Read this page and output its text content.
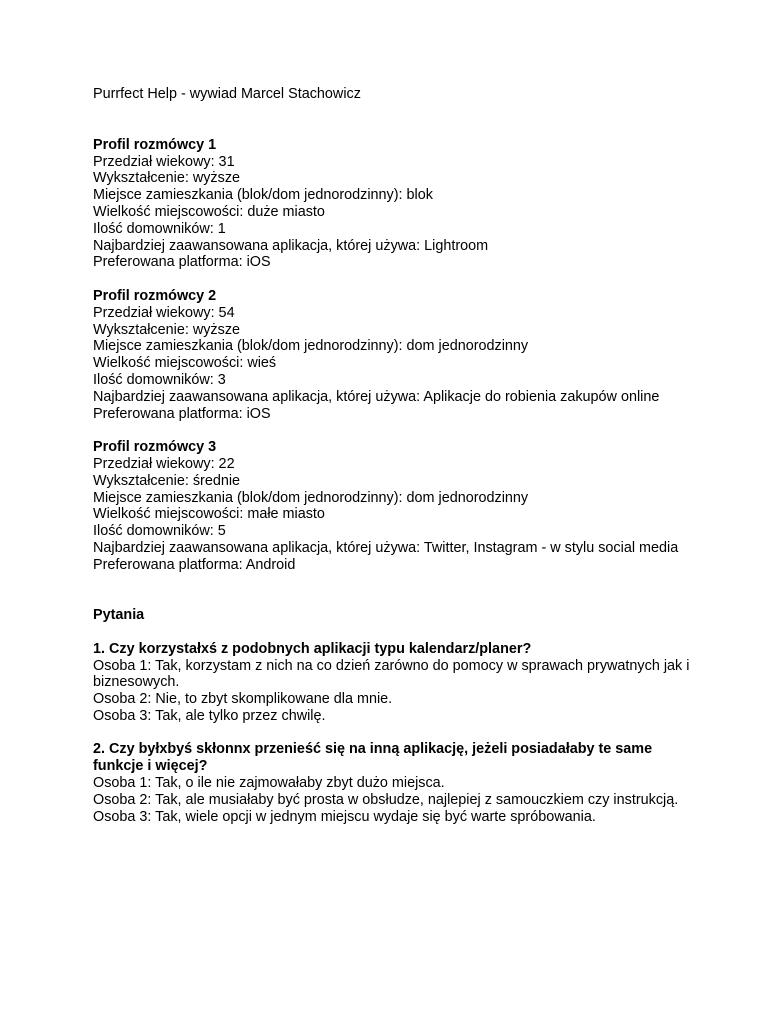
Purrfect Help - wywiad Marcel Stachowicz

Profil rozmówcy 1

Przedział wiekowy: 31

Wykształcenie: wyższe

Miejsce zamieszkania (blok/dom jednorodzinny): blok

Wielkość miejscowości: duże miasto

Ilość domowników: 1

Najbardziej zaawansowana aplikacja, której używa: Lightroom

Preferowana platforma: iOS

Profil rozmówcy 2

Przedział wiekowy: 54

Wykształcenie: wyższe

Miejsce zamieszkania (blok/dom jednorodzinny): dom jednorodzinny

Wielkość miejscowości: wieś

Ilość domowników: 3

Najbardziej zaawansowana aplikacja, której używa: Aplikacje do robienia zakupów online

Preferowana platforma: iOS

Profil rozmówcy 3

Przedział wiekowy: 22

Wykształcenie: średnie

Miejsce zamieszkania (blok/dom jednorodzinny): dom jednorodzinny

Wielkość miejscowości: małe miasto

Ilość domowników: 5

Najbardziej zaawansowana aplikacja, której używa: Twitter, Instagram - w stylu social media

Preferowana platforma: Android

Pytania

1. Czy korzystałxś z podobnych aplikacji typu kalendarz/planer?

Osoba 1: Tak, korzystam z nich na co dzień zarówno do pomocy w sprawach prywatnych jak i biznesowych.

Osoba 2: Nie, to zbyt skomplikowane dla mnie.

Osoba 3: Tak, ale tylko przez chwilę.

2. Czy byłxbyś skłonnx przenieść się na inną aplikację, jeżeli posiadałaby te same funkcje i więcej?

Osoba 1: Tak, o ile nie zajmowałaby zbyt dużo miejsca.

Osoba 2: Tak, ale musiałaby być prosta w obsłudze, najlepiej z samouczkiem czy instrukcją.

Osoba 3: Tak, wiele opcji w jednym miejscu wydaje się być warte spróbowania.
